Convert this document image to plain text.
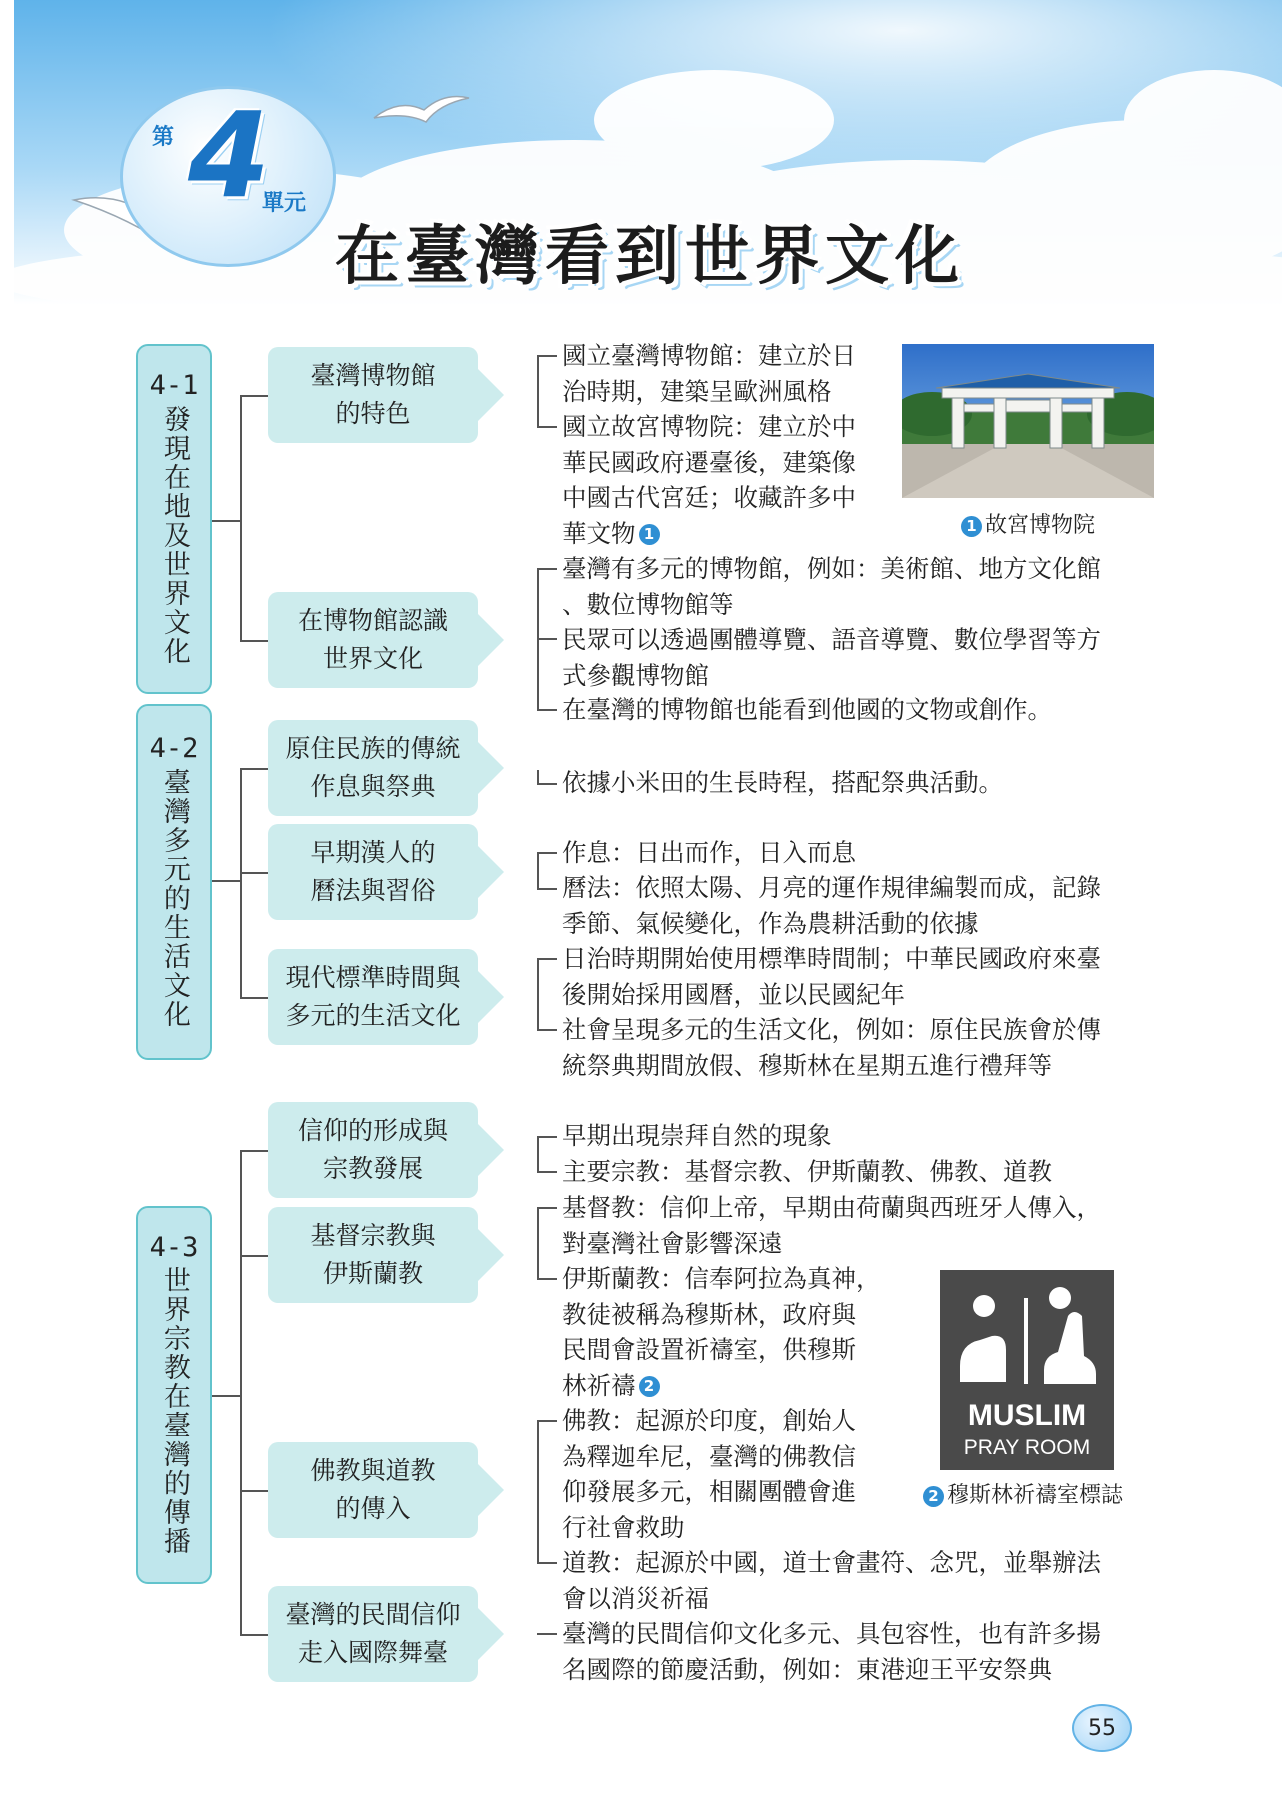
第 4
單元
在臺灣看到世界文化
4-1
發現在地及世界文化
4-2
臺灣多元的生活文化
4-3
世界宗教在臺灣的傳播
臺灣博物館
的特色
在博物館認識
世界文化
原住民族的傳統
作息與祭典
早期漢人的
曆法與習俗
現代標準時間與
多元的生活文化
信仰的形成與
宗教發展
基督宗教與
伊斯蘭教
佛教與道教
的傳入
臺灣的民間信仰
走入國際舞臺
國立臺灣博物館：建立於日
治時期，建築呈歐洲風格
國立故宮博物院：建立於中
華民國政府遷臺後，建築像
中國古代宮廷；收藏許多中
華文物 1
臺灣有多元的博物館，例如：美術館、地方文化館
、數位博物館等
民眾可以透過團體導覽、語音導覽、數位學習等方
式參觀博物館
在臺灣的博物館也能看到他國的文物或創作。
依據小米田的生長時程，搭配祭典活動。
作息：日出而作，日入而息
曆法：依照太陽、月亮的運作規律編製而成，記錄
季節、氣候變化，作為農耕活動的依據
日治時期開始使用標準時間制；中華民國政府來臺
後開始採用國曆，並以民國紀年
社會呈現多元的生活文化，例如：原住民族會於傳
統祭典期間放假、穆斯林在星期五進行禮拜等
早期出現崇拜自然的現象
主要宗教：基督宗教、伊斯蘭教、佛教、道教
基督教：信仰上帝，早期由荷蘭與西班牙人傳入，
對臺灣社會影響深遠
伊斯蘭教：信奉阿拉為真神，
教徒被稱為穆斯林，政府與
民間會設置祈禱室，供穆斯
林祈禱 2
佛教：起源於印度，創始人
為釋迦牟尼，臺灣的佛教信
仰發展多元，相關團體會進
行社會救助
道教：起源於中國，道士會畫符、念咒，並舉辦法
會以消災祈福
臺灣的民間信仰文化多元、具包容性，也有許多揚
名國際的節慶活動，例如：東港迎王平安祭典
1 故宮博物院
MUSLIM
PRAY ROOM
2 穆斯林祈禱室標誌
55
